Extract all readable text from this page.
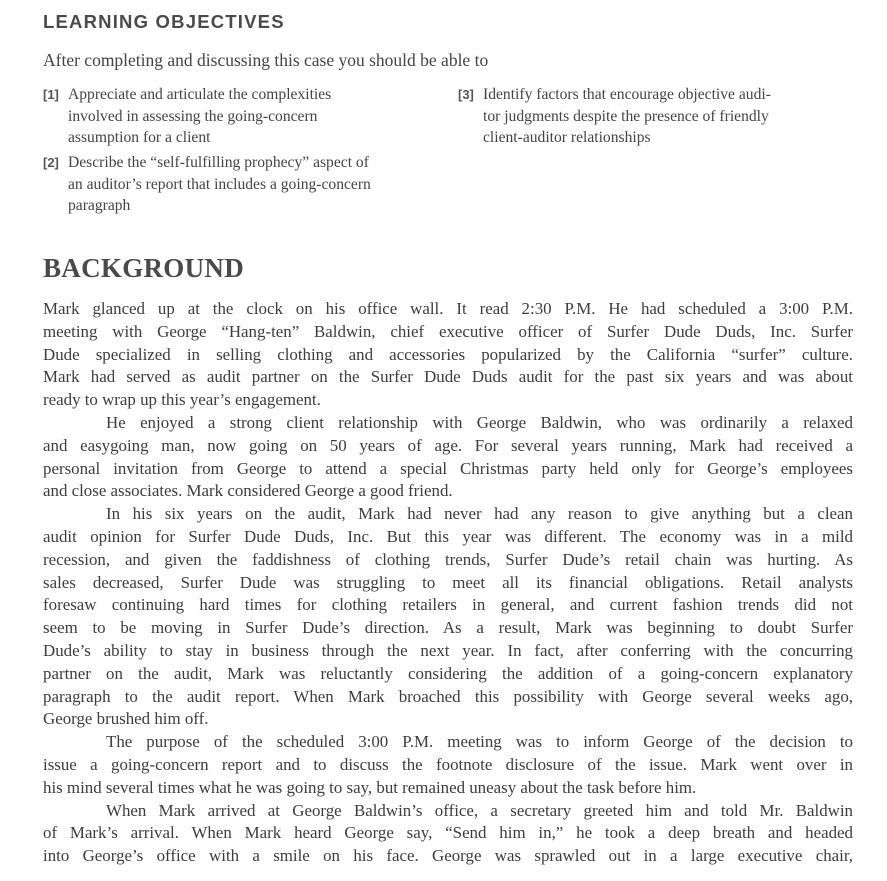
LEARNING OBJECTIVES
After completing and discussing this case you should be able to
[1] Appreciate and articulate the complexities
involved in assessing the going-concern
assumption for a client
[2] Describe the “self-fulfilling prophecy” aspect of
an auditor’s report that includes a going-concern
paragraph
[3] Identify factors that encourage objective audi-
tor judgments despite the presence of friendly
client-auditor relationships
BACKGROUND
Mark glanced up at the clock on his office wall. It read 2:30 P.M. He had scheduled a 3:00 P.M.
meeting with George “Hang-ten” Baldwin, chief executive officer of Surfer Dude Duds, Inc. Surfer
Dude specialized in selling clothing and accessories popularized by the California “surfer” culture.
Mark had served as audit partner on the Surfer Dude Duds audit for the past six years and was about
ready to wrap up this year’s engagement.
He enjoyed a strong client relationship with George Baldwin, who was ordinarily a relaxed
and easygoing man, now going on 50 years of age. For several years running, Mark had received a
personal invitation from George to attend a special Christmas party held only for George’s employees
and close associates. Mark considered George a good friend.
In his six years on the audit, Mark had never had any reason to give anything but a clean
audit opinion for Surfer Dude Duds, Inc. But this year was different. The economy was in a mild
recession, and given the faddishness of clothing trends, Surfer Dude’s retail chain was hurting. As
sales decreased, Surfer Dude was struggling to meet all its financial obligations. Retail analysts
foresaw continuing hard times for clothing retailers in general, and current fashion trends did not
seem to be moving in Surfer Dude’s direction. As a result, Mark was beginning to doubt Surfer
Dude’s ability to stay in business through the next year. In fact, after conferring with the concurring
partner on the audit, Mark was reluctantly considering the addition of a going-concern explanatory
paragraph to the audit report. When Mark broached this possibility with George several weeks ago,
George brushed him off.
The purpose of the scheduled 3:00 P.M. meeting was to inform George of the decision to
issue a going-concern report and to discuss the footnote disclosure of the issue. Mark went over in
his mind several times what he was going to say, but remained uneasy about the task before him.
When Mark arrived at George Baldwin’s office, a secretary greeted him and told Mr. Baldwin
of Mark’s arrival. When Mark heard George say, “Send him in,” he took a deep breath and headed
into George’s office with a smile on his face. George was sprawled out in a large executive chair,
